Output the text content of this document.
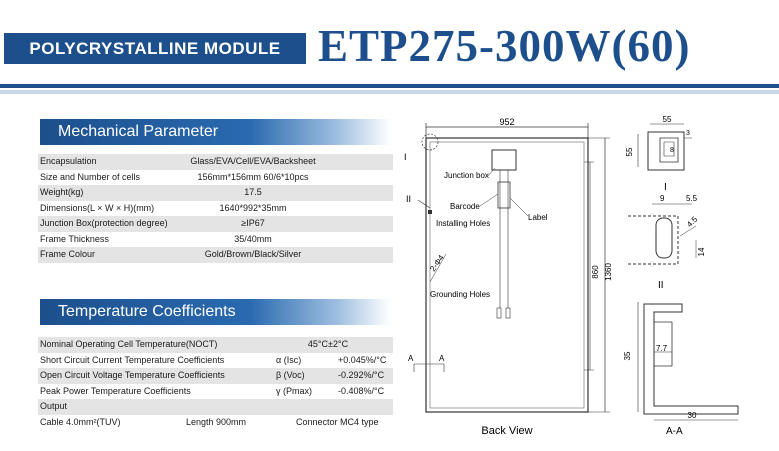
POLYCRYSTALLINE MODULE ETP275-300W(60)
Mechanical Parameter
Encapsulation	Glass/EVA/Cell/EVA/Backsheet
Size and Number of cells	156mm*156mm 60/6*10pcs
Weight(kg)	17.5
Dimensions(L × W × H)(mm)	1640*992*35mm
Junction Box(protection degree)	≥IP67
Frame Thickness	35/40mm
Frame Colour	Gold/Brown/Black/Silver
Temperature Coefficients
Nominal Operating Cell Temperature(NOCT)	45°C±2°C
Short Circuit Current Temperature Coefficients	α (Isc)	+0.045%/°C
Open Circuit Voltage Temperature Coefficients	β (Voc)	-0.292%/°C
Peak Power Temperature Coefficients	γ (Pmax)	-0.408%/°C
Output
Cable 4.0mm²(TUV)	Length 900mm	Connector MC4 type
952
1360
860
I
II
Junction box
Barcode
Label
Installing Holes
2-Φ4
Grounding Holes
A	A
Back View
55
55
3
8
I
9	5.5
4.5
14
II
35
7.7
30
A-A
